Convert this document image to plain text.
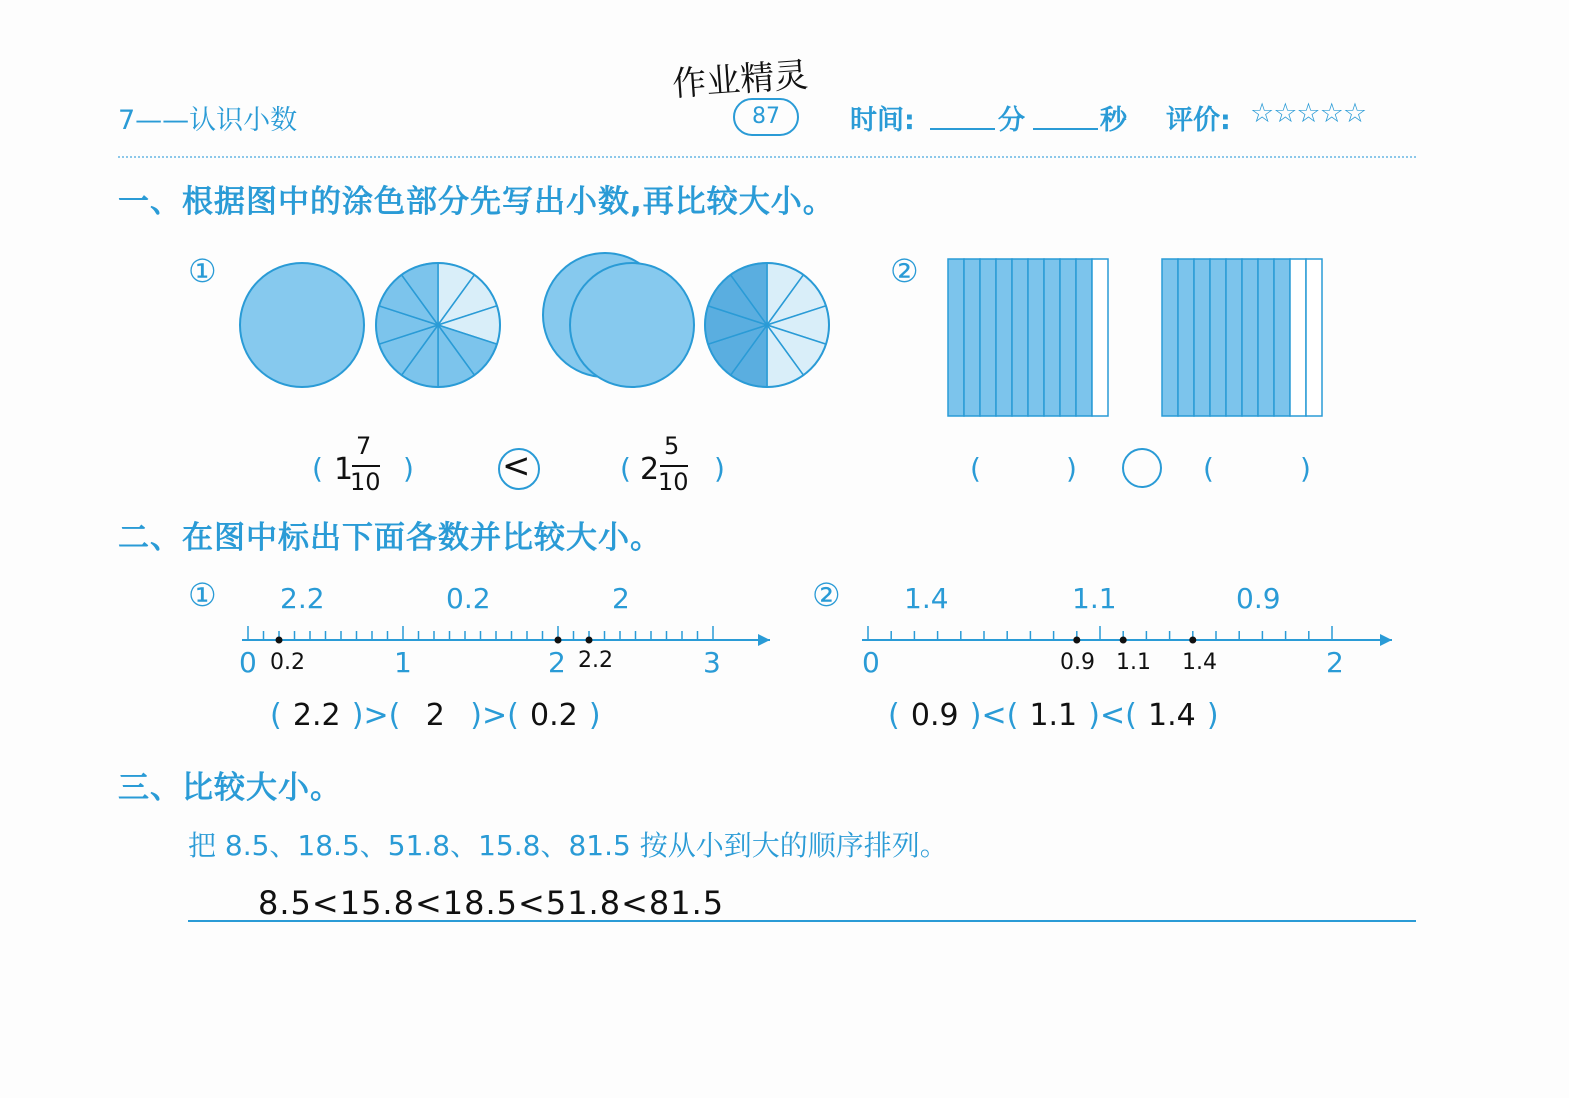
作业精灵
7——认识小数	87	时间:	分	秒 评价: ☆☆☆☆☆
一、根据图中的涂色部分先写出小数,再比较大小。
①	②
( 1
7
10 )	<	( 2
5
10 )	(	)	(	)
二、在图中标出下面各数并比较大小。
① 2.2	0.2	2	② 1.4	1.1	0.9
0	1	2	3
0.2	2.2	0	2
0.9 1.1 1.4
( 2.2 )>( 2 )>( 0.2 )	( 0.9 )<( 1.1 )<( 1.4 )
三、比较大小。
把 8.5、18.5、51.8、15.8、81.5 按从小到大的顺序排列。
8.5<15.8<18.5<51.8<81.5
